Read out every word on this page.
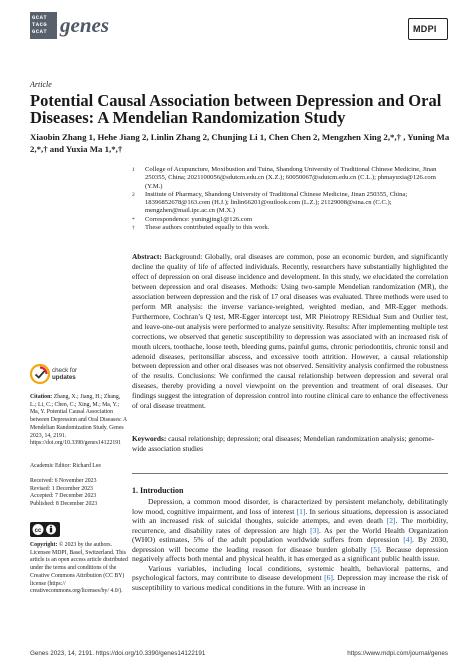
GCAT
TACG
GCAT genes	MDPI
Article
Potential Causal Association between Depression and Oral Diseases: A Mendelian Randomization Study
Xiaobin Zhang 1, Hehe Jiang 2, Linlin Zhang 2, Chunjing Li 1, Chen Chen 2, Mengzhen Xing 2,*,† , Yuning Ma 2,*,† and Yuxia Ma 1,*,†
1 College of Acupuncture, Moxibustion and Tuina, Shandong University of Traditional Chinese Medicine, Jinan 250355, China; 2021100056@sdutcm.edu.cn (X.Z.); 60050067@sdutcm.edu.cn (C.L.); phmayuxia@126.com (Y.M.)
2 Institute of Pharmacy, Shandong University of Traditional Chinese Medicine, Jinan 250355, China; 18396852678@163.com (H.J.); linlin66201@outlook.com (L.Z.); 21129008@sina.cn (C.C.); mengzhen@mail.ipc.ac.cn (M.X.)
* Correspondence: yuningjing1@126.com
† These authors contributed equally to this work.
Abstract: Background: Globally, oral diseases are common, pose an economic burden, and significantly decline the quality of life of affected individuals. Recently, researchers have substantially highlighted the effect of depression on oral disease incidence and development. In this study, we elucidated the correlation between depression and oral diseases. Methods: Using two-sample Mendelian randomization (MR), the association between depression and the risk of 17 oral diseases was evaluated. Three methods were used to perform MR analysis: the inverse variance-weighted, weighted median, and MR-Egger methods. Furthermore, Cochran’s Q test, MR-Egger intercept test, MR Pleiotropy RESidual Sum and Outlier test, and leave-one-out analysis were performed to analyze sensitivity. Results: After implementing multiple test corrections, we observed that genetic susceptibility to depression was associated with an increased risk of mouth ulcers, toothache, loose teeth, bleeding gums, painful gums, chronic periodontitis, chronic tonsil and adenoid diseases, peritonsillar abscess, and excessive tooth attrition. However, a causal relationship between depression and other oral diseases was not observed. Sensitivity analysis confirmed the robustness of the results. Conclusions: We confirmed the causal relationship between depression and several oral diseases, thereby providing a novel viewpoint on the prevention and treatment of oral diseases. Our findings suggest the integration of depression control into routine clinical care to enhance the effectiveness of oral disease treatment.
Keywords: causal relationship; depression; oral diseases; Mendelian randomization analysis; genome-wide association studies
check for
updates
Citation: Zhang, X.; Jiang, H.; Zhang, L.; Li, C.; Chen, C.; Xing, M.; Ma, Y.; Ma, Y. Potential Causal Association between Depression and Oral Diseases: A Mendelian Randomization Study. Genes 2023, 14, 2191. https://doi.org/10.3390/genes14122191
Academic Editor: Richard Lee
Received: 6 November 2023
Revised: 1 December 2023
Accepted: 7 December 2023
Published: 8 December 2023
cc
Copyright: © 2023 by the authors. Licensee MDPI, Basel, Switzerland. This article is an open access article distributed under the terms and conditions of the Creative Commons Attribution (CC BY) license (https:// creativecommons.org/licenses/by/ 4.0/).
1. Introduction

Depression, a common mood disorder, is characterized by persistent melancholy, debilitatingly low mood, cognitive impairment, and loss of interest [1]. In serious situations, depression is associated with an increased risk of suicidal thoughts, suicide attempts, and even death [2]. The morbidity, recurrence, and disability rates of depression are high [3]. As per the World Health Organization (WHO) estimates, 5% of the adult population worldwide suffers from depression [4]. By 2030, depression will become the leading reason for disease burden globally [5]. Because depression negatively affects both mental and physical health, it has emerged as a significant public health issue.

Various variables, including local conditions, systemic health, behavioral patterns, and psychological factors, may contribute to disease development [6]. Depression may increase the risk of susceptibility to various medical conditions in the future. With an increase in

Genes 2023, 14, 2191. https://doi.org/10.3390/genes14122191	https://www.mdpi.com/journal/genes
